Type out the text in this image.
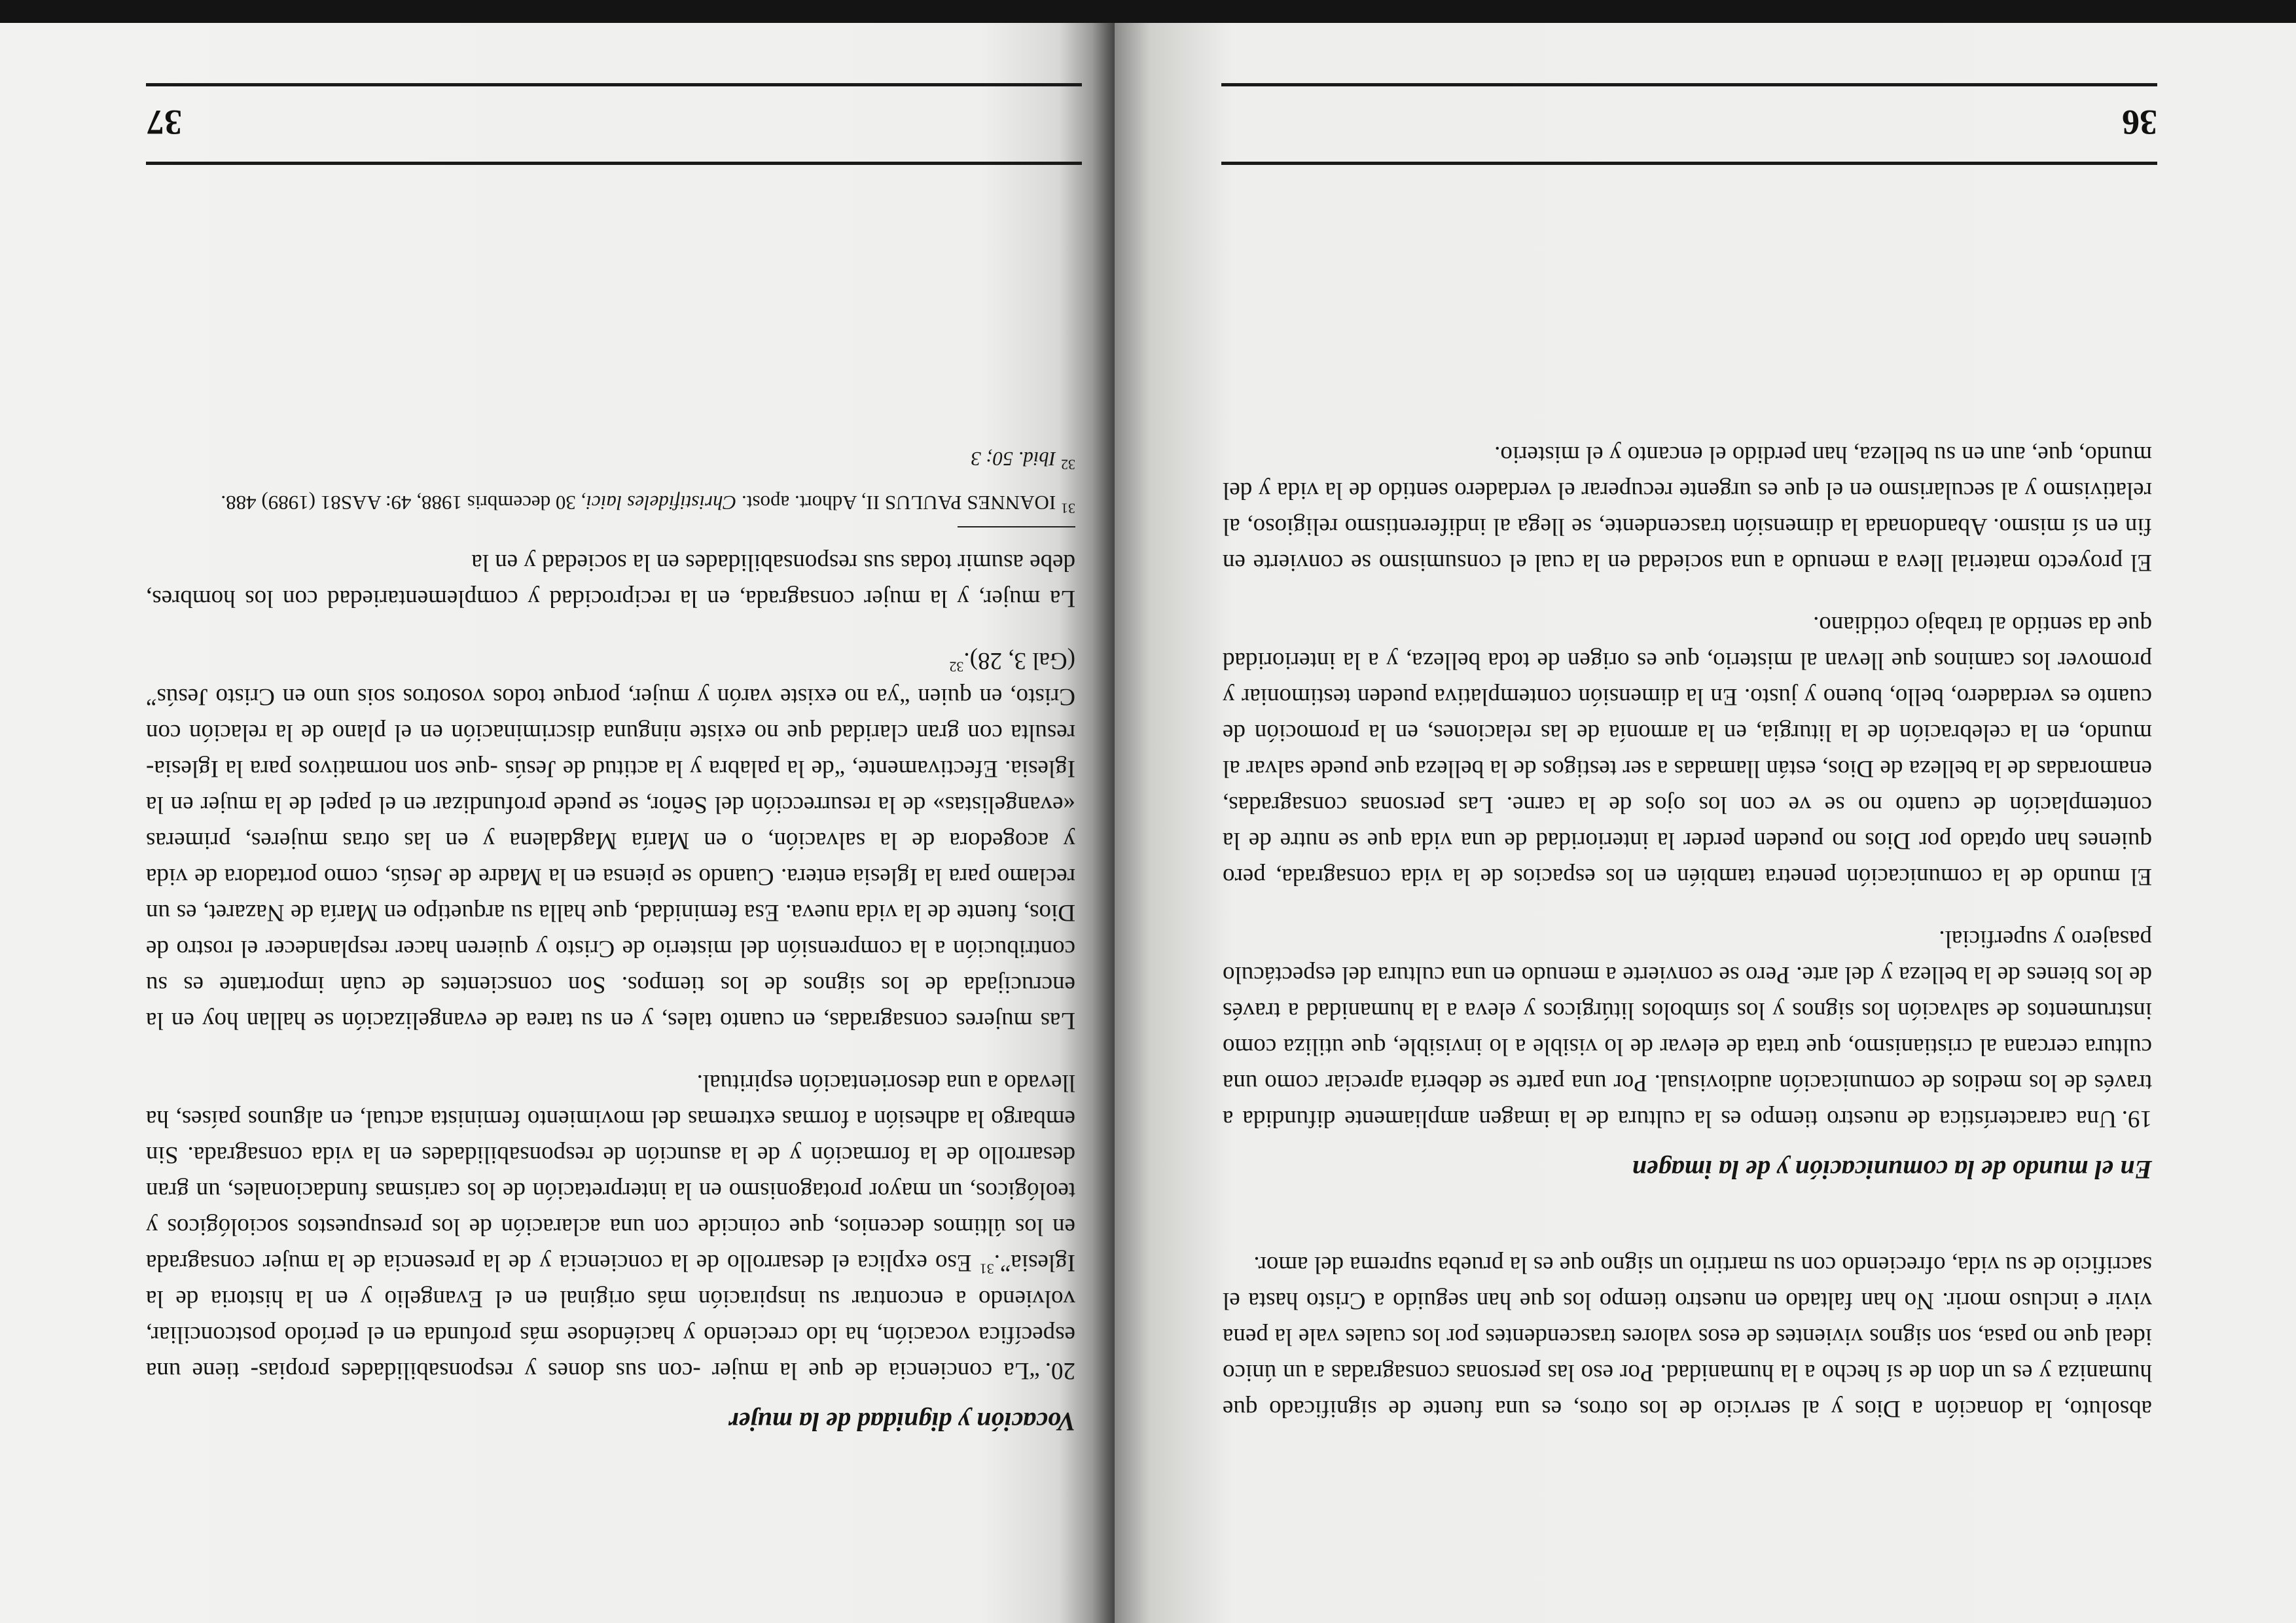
36

absoluto, la donación a Dios y al servicio de los otros, es una fuente de significado que humaniza y es un don de sí hecho a la humanidad. Por eso las personas consagradas a un único ideal que no pasa, son signos vivientes de esos valores trascendentes por los cuales vale la pena vivir e incluso morir. No han faltado en nuestro tiempo los que han seguido a Cristo hasta el sacrificio de su vida, ofreciendo con su martirio un signo que es la prueba suprema del amor.

En el mundo de la comunicación y de la imagen

19.Una característica de nuestro tiempo es la cultura de la imagen ampliamente difundida a través de los medios de comunicación audiovisual. Por una parte se debería apreciar como una cultura cercana al cristianismo, que trata de elevar de lo visible a lo invisible, que utiliza como instrumentos de salvación los signos y los símbolos litúrgicos y eleva a la humanidad a través de los bienes de la belleza y del arte. Pero se convierte a menudo en una cultura del espectáculo pasajero y superficial.

El mundo de la comunicación penetra también en los espacios de la vida consagrada, pero quienes han optado por Dios no pueden perder la interioridad de una vida que se nutre de la contemplación de cuanto no se ve con los ojos de la carne. Las personas consagradas, enamoradas de la belleza de Dios, están llamadas a ser testigos de la belleza que puede salvar al mundo, en la celebración de la liturgia, en la armonía de las relaciones, en la promoción de cuanto es verdadero, bello, bueno y justo. En la dimensión contemplativa pueden testimoniar y promover los caminos que llevan al misterio, que es origen de toda belleza, y a la interioridad que da sentido al trabajo cotidiano.

El proyecto material lleva a menudo a una sociedad en la cual el consumismo se convierte en fin en sí mismo. Abandonada la dimensión trascendente, se llega al indiferentismo religioso, al relativismo y al secularismo en el que es urgente recuperar el verdadero sentido de la vida y del mundo, que, aun en su belleza, han perdido el encanto y el misterio.

37
Vocación y dignidad de la mujer

20.“La conciencia de que la mujer -con sus dones y responsabilidades propias- tiene una específica vocación, ha ido creciendo y haciéndose más profunda en el período postconciliar, volviendo a encontrar su inspiración más original en el Evangelio y en la historia de la Iglesia”.$^{31}$ Eso explica el desarrollo de la conciencia y de la presencia de la mujer consagrada en los últimos decenios, que coincide con una aclaración de los presupuestos sociológicos y teológicos, un mayor protagonismo en la interpretación de los carismas fundacionales, un gran desarrollo de la formación y de la asunción de responsabilidades en la vida consagrada. Sin embargo la adhesión a formas extremas del movimiento feminista actual, en algunos países, ha llevado a una desorientación espiritual.

Las mujeres consagradas, en cuanto tales, y en su tarea de evangelización se hallan hoy en la encrucijada de los signos de los tiempos. Son conscientes de cuán importante es su contribución a la comprensión del misterio de Cristo y quieren hacer resplandecer el rostro de Dios, fuente de la vida nueva. Esa feminidad, que halla su arquetipo en María de Nazaret, es un reclamo para la Iglesia entera. Cuando se piensa en la Madre de Jesús, como portadora de vida y acogedora de la salvación, o en María Magdalena y en las otras mujeres, primeras «evangelistas» de la resurrección del Señor, se puede profundizar en el papel de la mujer en la Iglesia. Efectivamente, “de la palabra y la actitud de Jesús -que son normativos para la Iglesia- resulta con gran claridad que no existe ninguna discriminación en el plano de la relación con Cristo, en quien “ya no existe varón y mujer, porque todos vosotros sois uno en Cristo Jesús” (Gal 3, 28).$^{32}$

La mujer, y la mujer consagrada, en la reciprocidad y complementariedad con los hombres, debe asumir todas sus responsabilidades en la sociedad y en la

$^{31}$ IOANNES PAULUS II, Adhort. apost. Christifideles laici, 30 decembris 1988, 49: AAS81 (1989) 488.

$^{32}$ Ibid. 50; 3
